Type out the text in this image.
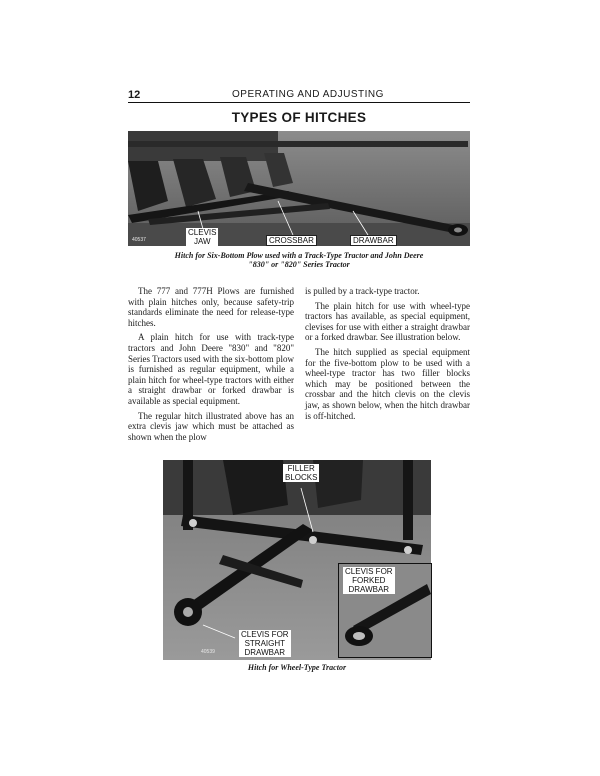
12	OPERATING AND ADJUSTING
TYPES OF HITCHES
40537
CLEVIS
JAW	CROSSBAR	DRAWBAR
Hitch for Six-Bottom Plow used with a Track-Type Tractor and John Deere
"830" or "820" Series Tractor

The 777 and 777H Plows are furnished with plain hitches only, because safety-trip standards eliminate the need for release-type hitches.

A plain hitch for use with track-type tractors and John Deere "830" and "820" Series Tractors used with the six-bottom plow is furnished as regular equipment, while a plain hitch for wheel-type tractors with either a straight drawbar or forked drawbar is available as special equipment.

The regular hitch illustrated above has an extra clevis jaw which must be attached as shown when the plow

is pulled by a track-type tractor.

The plain hitch for use with wheel-type tractors has available, as special equipment, clevises for use with either a straight drawbar or a forked drawbar. See illustration below.

The hitch supplied as special equipment for the five-bottom plow to be used with a wheel-type tractor has two filler blocks which may be positioned between the crossbar and the hitch clevis on the clevis jaw, as shown below, when the hitch drawbar is off-hitched.

40539
FILLER
BLOCKS
CLEVIS FOR
STRAIGHT
DRAWBAR
CLEVIS FOR
FORKED
DRAWBAR
Hitch for Wheel-Type Tractor
